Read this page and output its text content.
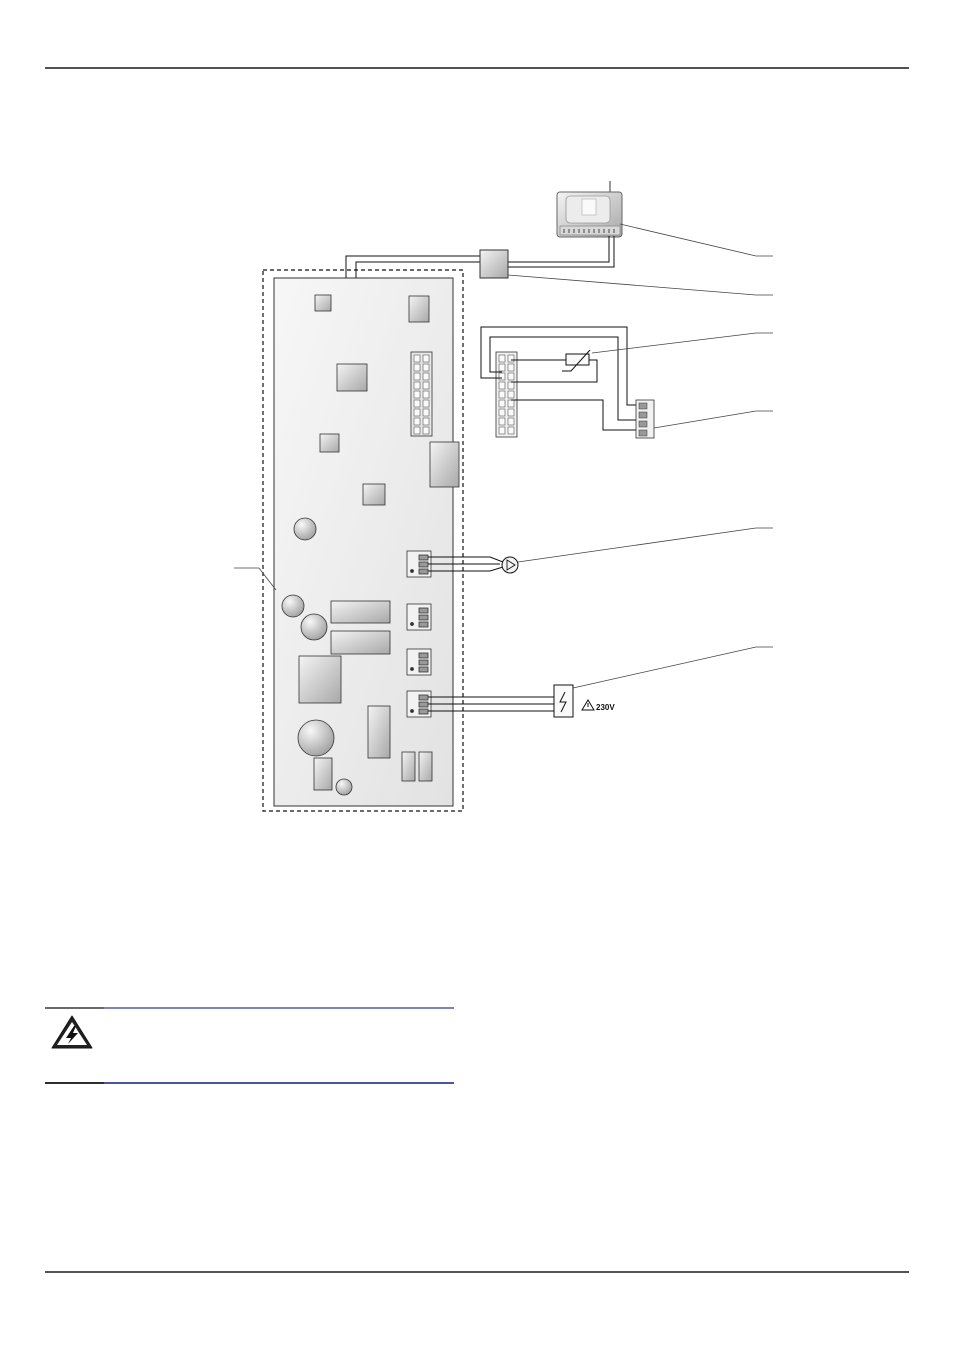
230V
